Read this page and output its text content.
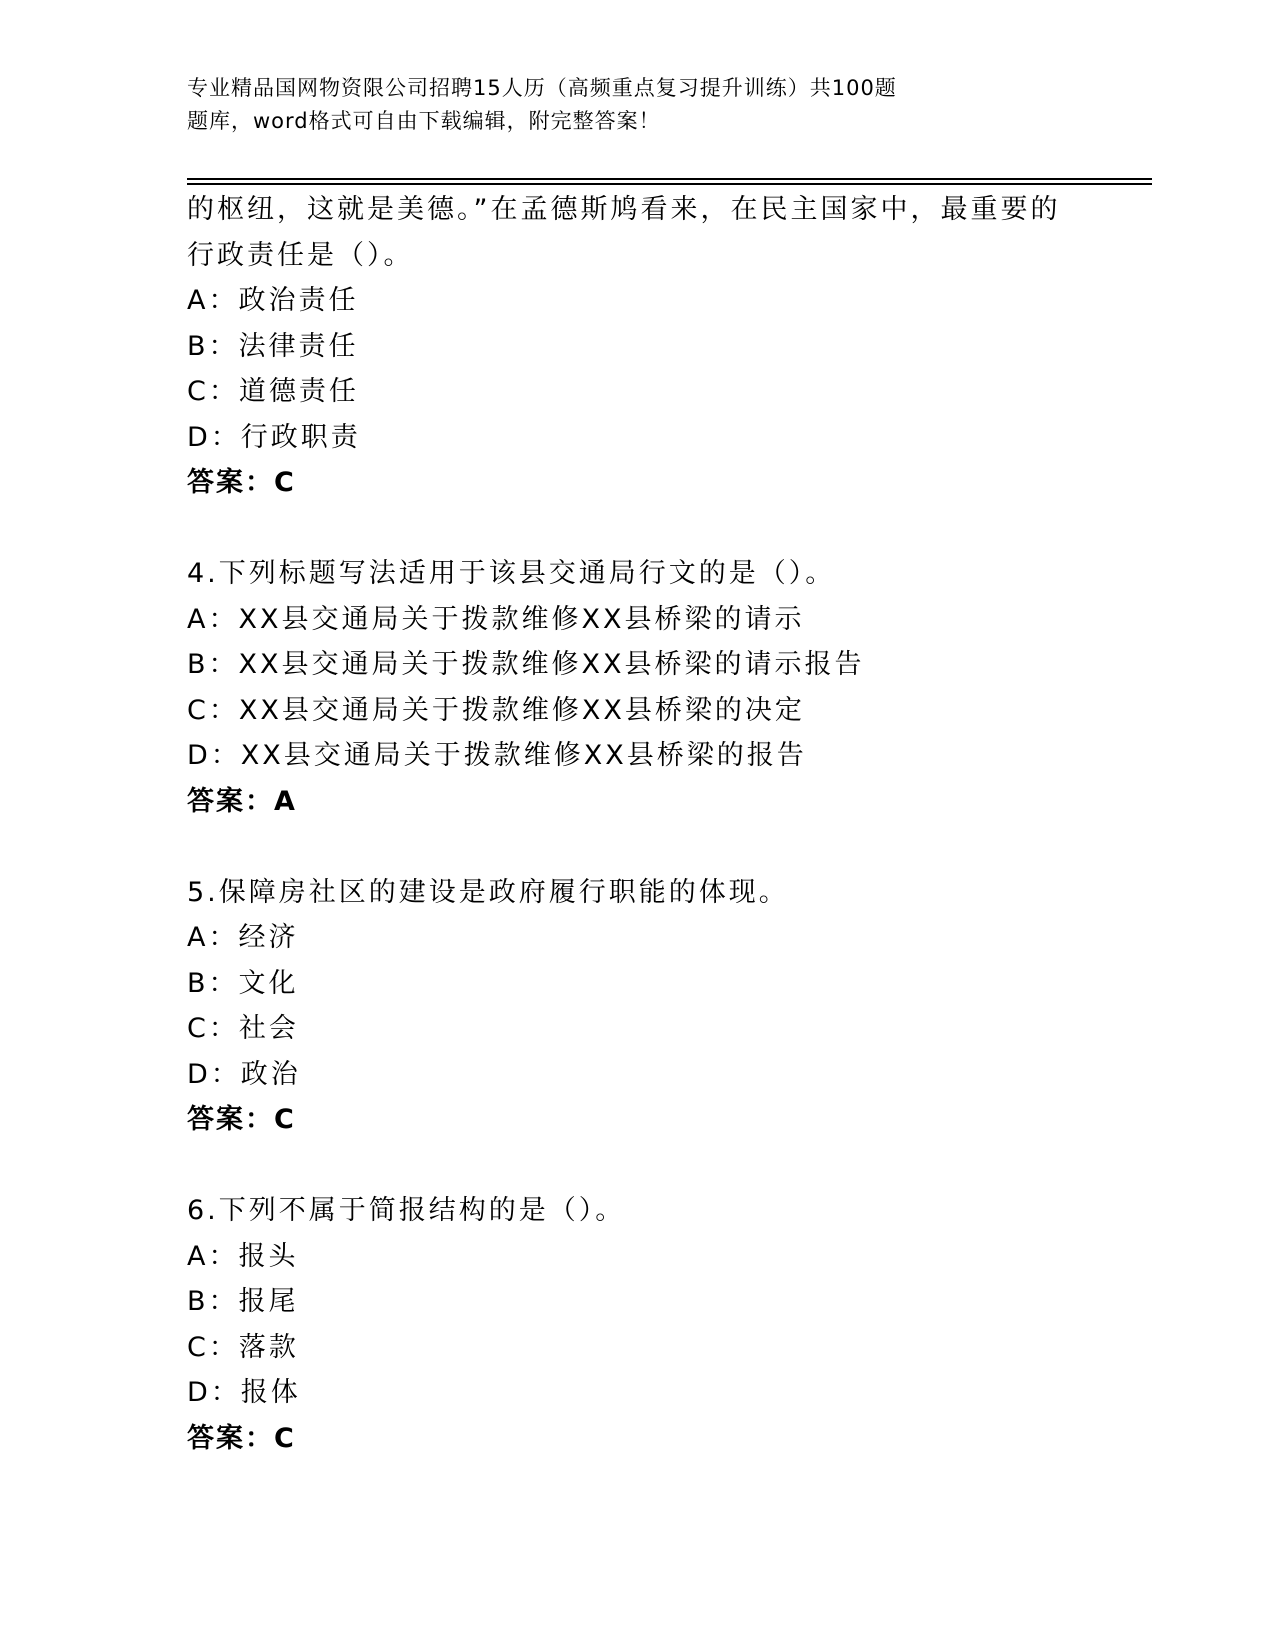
专业精品国网物资限公司招聘15人历（高频重点复习提升训练）共100题
题库，word格式可自由下载编辑，附完整答案！
的枢纽，这就是美德。”在孟德斯鸠看来，在民主国家中，最重要的
行政责任是（）。
A：政治责任
B：法律责任
C：道德责任
D：行政职责
答案：C
4.下列标题写法适用于该县交通局行文的是（）。
A：XX县交通局关于拨款维修XX县桥梁的请示
B：XX县交通局关于拨款维修XX县桥梁的请示报告
C：XX县交通局关于拨款维修XX县桥梁的决定
D：XX县交通局关于拨款维修XX县桥梁的报告
答案：A
5.保障房社区的建设是政府履行职能的体现。
A：经济
B：文化
C：社会
D：政治
答案：C
6.下列不属于简报结构的是（）。
A：报头
B：报尾
C：落款
D：报体
答案：C
